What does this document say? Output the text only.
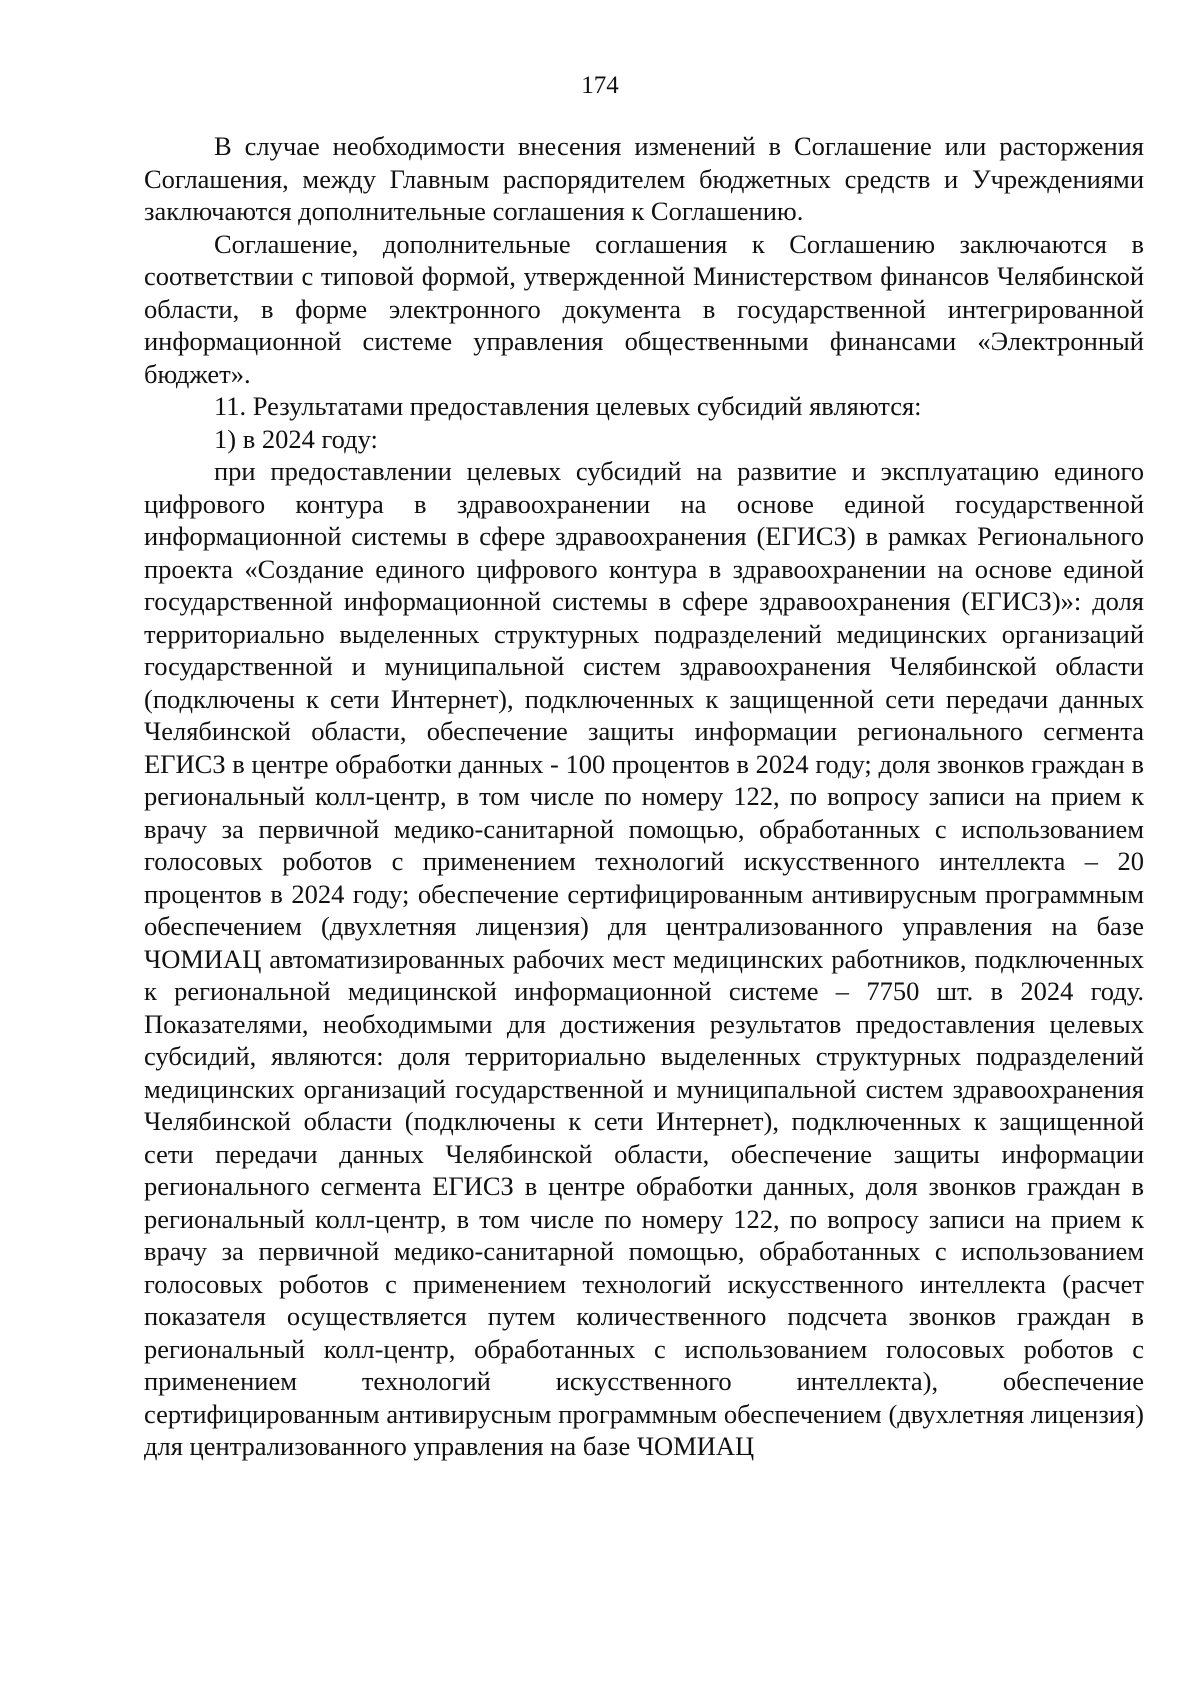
174

В случае необходимости внесения изменений в Соглашение или расторжения Соглашения, между Главным распорядителем бюджетных средств и Учреждениями заключаются дополнительные соглашения к Соглашению.

Соглашение, дополнительные соглашения к Соглашению заключаются в соответствии с типовой формой, утвержденной Министерством финансов Челябинской области, в форме электронного документа в государственной интегрированной информационной системе управления общественными финансами «Электронный бюджет».

11. Результатами предоставления целевых субсидий являются:

1) в 2024 году:

при предоставлении целевых субсидий на развитие и эксплуатацию единого цифрового контура в здравоохранении на основе единой государственной информационной системы в сфере здравоохранения (ЕГИСЗ) в рамках Регионального проекта «Создание единого цифрового контура в здравоохранении на основе единой государственной информационной системы в сфере здравоохранения (ЕГИСЗ)»: доля территориально выделенных структурных подразделений медицинских организаций государственной и муниципальной систем здравоохранения Челябинской области (подключены к сети Интернет), подключенных к защищенной сети передачи данных Челябинской области, обеспечение защиты информации регионального сегмента ЕГИСЗ в центре обработки данных - 100 процентов в 2024 году; доля звонков граждан в региональный колл-центр, в том числе по номеру 122, по вопросу записи на прием к врачу за первичной медико-санитарной помощью, обработанных с использованием голосовых роботов с применением технологий искусственного интеллекта – 20 процентов в 2024 году; обеспечение сертифицированным антивирусным программным обеспечением (двухлетняя лицензия) для централизованного управления на базе ЧОМИАЦ автоматизированных рабочих мест медицинских работников, подключенных к региональной медицинской информационной системе – 7750 шт. в 2024 году. Показателями, необходимыми для достижения результатов предоставления целевых субсидий, являются: доля территориально выделенных структурных подразделений медицинских организаций государственной и муниципальной систем здравоохранения Челябинской области (подключены к сети Интернет), подключенных к защищенной сети передачи данных Челябинской области, обеспечение защиты информации регионального сегмента ЕГИСЗ в центре обработки данных, доля звонков граждан в региональный колл-центр, в том числе по номеру 122, по вопросу записи на прием к врачу за первичной медико-санитарной помощью, обработанных с использованием голосовых роботов с применением технологий искусственного интеллекта (расчет показателя осуществляется путем количественного подсчета звонков граждан в региональный колл-центр, обработанных с использованием голосовых роботов с применением технологий искусственного интеллекта), обеспечение сертифицированным антивирусным программным обеспечением (двухлетняя лицензия) для централизованного управления на базе ЧОМИАЦ
